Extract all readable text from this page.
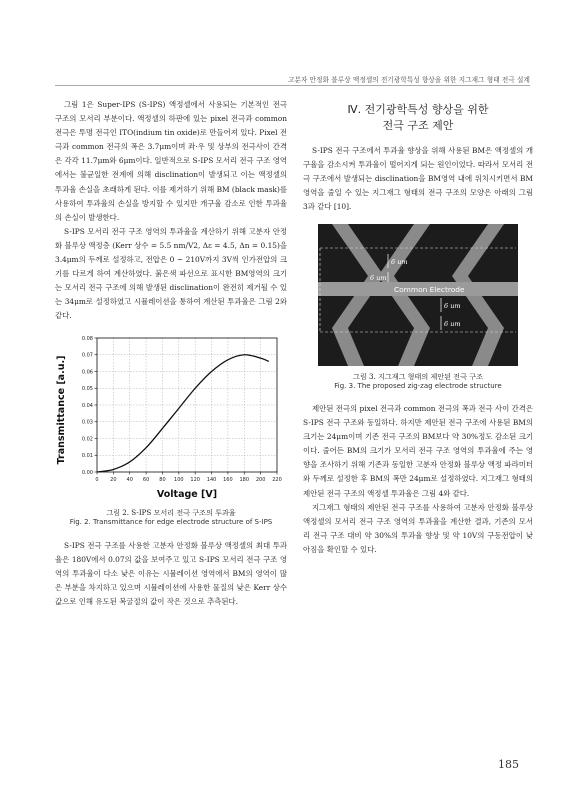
고분자 안정화 블루상 액정셀의 전기광학특성 향상을 위한 지그재그 형태 전극 설계

그림 1은 Super-IPS (S-IPS) 액정셀에서 사용되는 기본적인 전극 구조의 모서리 부분이다. 액정셀의 하판에 있는 pixel 전극과 common 전극은 투명 전극인 ITO(indium tin oxide)로 만들어져 있다. Pixel 전극과 common 전극의 폭은 3.7μm이며 좌·우 및 상부의 전극사이 간격은 각각 11.7μm와 6μm이다. 일반적으로 S-IPS 모서리 전극 구조 영역에서는 불균일한 전계에 의해 disclination이 발생되고 이는 액정셀의 투과율 손실을 초래하게 된다. 이를 제거하기 위해 BM (black mask)를 사용하여 투과율의 손실을 방지할 수 있지만 개구율 감소로 인한 투과율의 손실이 발생한다.

S-IPS 모서리 전극 구조 영역의 투과율을 계산하기 위해 고분자 안정화 블루상 액정층 (Kerr 상수 = 5.5 nm/V2, Δε = 4.5, Δn = 0.15)을 3.4μm의 두께로 설정하고, 전압은 0 ~ 210V까지 3V씩 인가전압의 크기를 다르게 하여 계산하였다. 붉은색 파선으로 표시한 BM영역의 크기는 모서리 전극 구조에 의해 발생된 disclination이 완전히 제거될 수 있는 34μm로 설정하였고 시뮬레이션을 통하여 계산된 투과율은 그림 2와 같다.

0.00
0.01
0.02
0.03
0.04
0.05
0.06
0.07
0.08
0 20 40 60 80 100 120 140 160 180 200 220
Transmittance [a.u.]
Voltage [V]
그림 2. S-IPS 모서리 전극 구조의 투과율
Fig. 2. Transmittance for edge electrode structure of S-IPS

S-IPS 전극 구조를 사용한 고분자 안정화 블루상 액정셀의 최대 투과율은 180V에서 0.07의 값을 보여주고 있고 S-IPS 모서리 전극 구조 영역의 투과율이 다소 낮은 이유는 시뮬레이션 영역에서 BM의 영역이 많은 부분을 차지하고 있으며 시뮬레이션에 사용한 물질의 낮은 Kerr 상수값으로 인해 유도된 복굴절의 값이 작은 것으로 추측된다.

Ⅳ. 전기광학특성 향상을 위한
전극 구조 제안

S-IPS 전극 구조에서 투과율 향상을 위해 사용된 BM은 액정셀의 개구율을 감소시켜 투과율이 떨어지게 되는 원인이었다. 따라서 모서리 전극 구조에서 발생되는 disclination을 BM영역 내에 위치시키면서 BM영역을 줄일 수 있는 지그재그 형태의 전극 구조의 모양은 아래의 그림 3과 같다 [10].

6 um
6 um
Common Electrode
6 um
6 um
그림 3. 지그재그 형태의 제안된 전극 구조
Fig. 3. The proposed zig-zag electrode structure

제안된 전극의 pixel 전극과 common 전극의 폭과 전극 사이 간격은 S-IPS 전극 구조와 동일하다. 하지만 제안된 전극 구조에 사용된 BM의 크기는 24μm이며 기존 전극 구조의 BM보다 약 30%정도 감소된 크기이다. 줄어든 BM의 크기가 모서리 전극 구조 영역의 투과율에 주는 영향을 조사하기 위해 기존과 동일한 고분자 안정화 블루상 액정 파라미터와 두께로 설정한 후 BM의 폭만 24μm로 설정하였다. 지그재그 형태의 제안된 전극 구조의 액정셀 투과율은 그림 4와 같다.

지그재그 형태의 제안된 전극 구조를 사용하여 고분자 안정화 블루상 액정셀의 모서리 전극 구조 영역의 투과율을 계산한 결과, 기존의 모서리 전극 구조 대비 약 30%의 투과율 향상 및 약 10V의 구동전압이 낮아짐을 확인할 수 있다.

185
